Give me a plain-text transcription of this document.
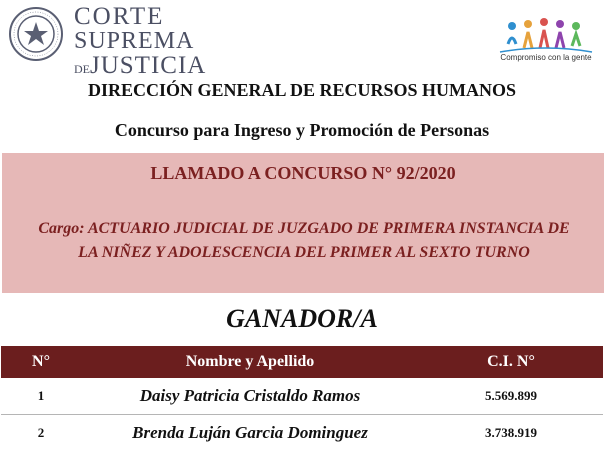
CORTE
SUPREMA
DEJUSTICIA	Compromiso con la gente
DIRECCIÓN GENERAL DE RECURSOS HUMANOS
Concurso para Ingreso y Promoción de Personas
LLAMADO A CONCURSO N° 92/2020
Cargo: ACTUARIO JUDICIAL DE JUZGADO DE PRIMERA INSTANCIA DE
LA NIÑEZ Y ADOLESCENCIA DEL PRIMER AL SEXTO TURNO
GANADOR/A
N°	Nombre y Apellido	C.I. N°
1	Daisy Patricia Cristaldo Ramos	5.569.899
2	Brenda Luján Garcia Dominguez	3.738.919
